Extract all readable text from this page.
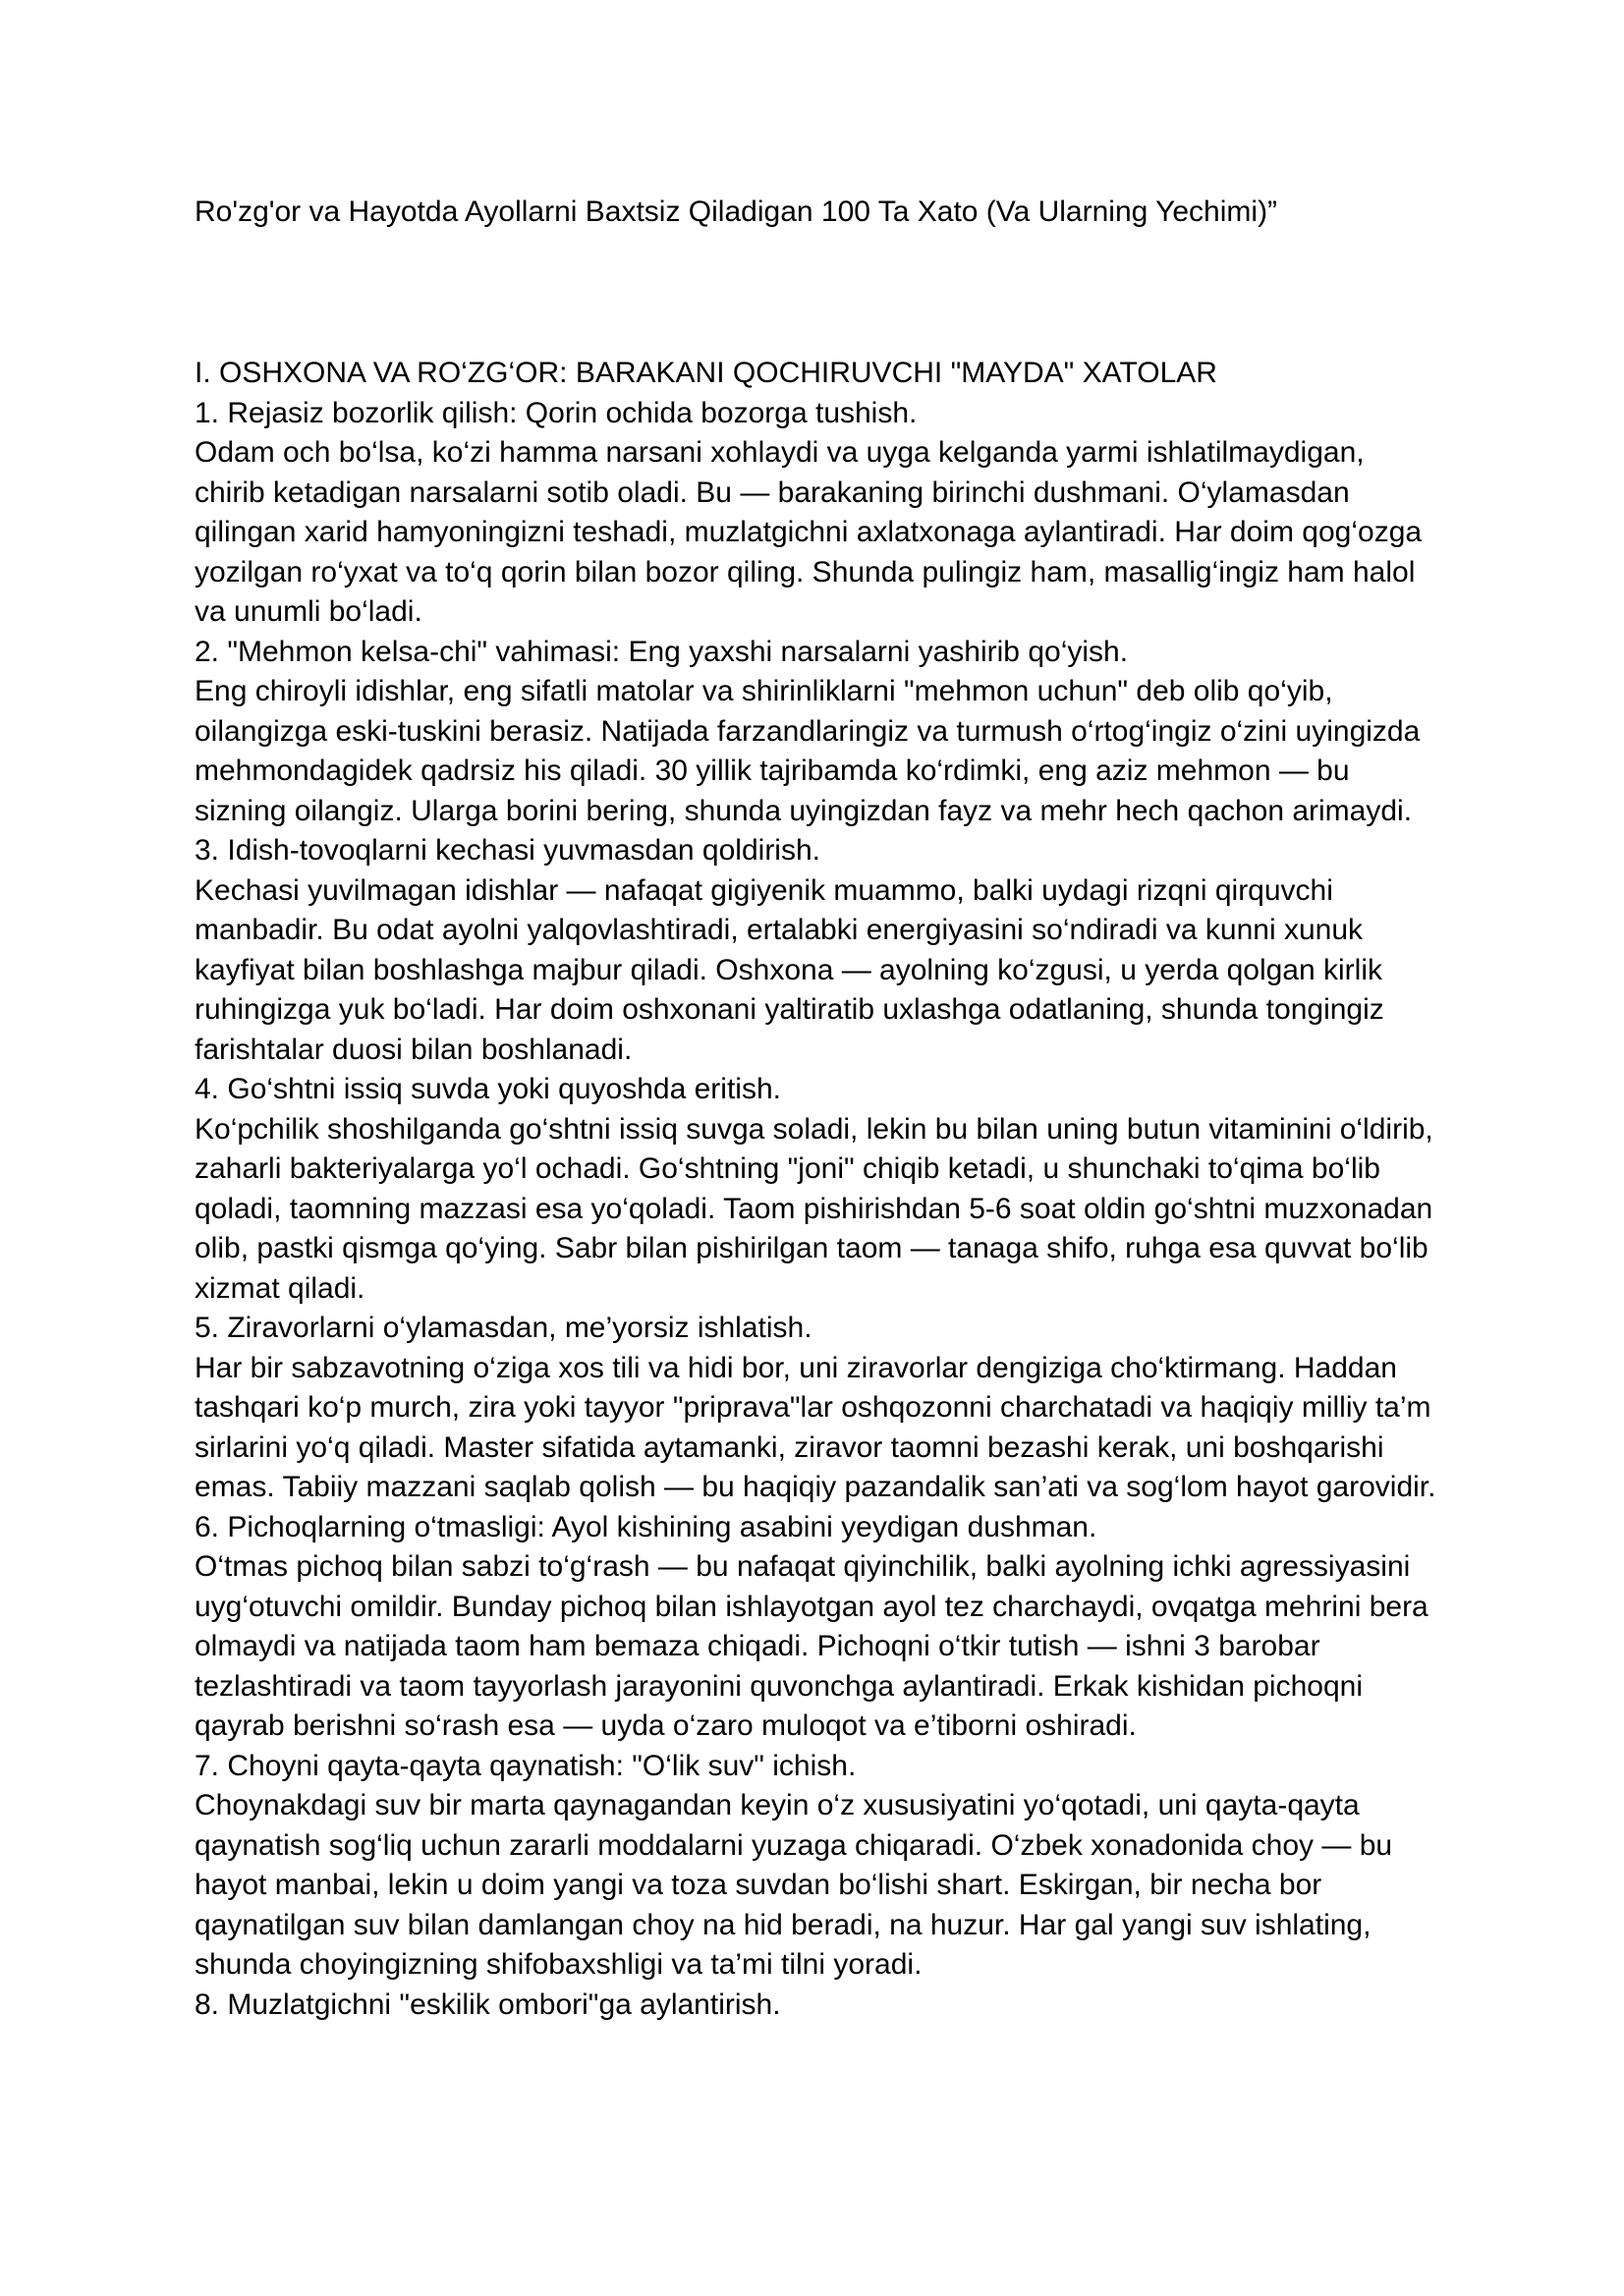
Ro'zg'or va Hayotda Ayollarni Baxtsiz Qiladigan 100 Ta Xato (Va Ularning Yechimi)”

I. OSHXONA VA RO‘ZG‘OR: BARAKANI QOCHIRUVCHI "MAYDA" XATOLAR

1. Rejasiz bozorlik qilish: Qorin ochida bozorga tushish.

Odam och bo‘lsa, ko‘zi hamma narsani xohlaydi va uyga kelganda yarmi ishlatilmaydigan, chirib ketadigan narsalarni sotib oladi. Bu — barakaning birinchi dushmani. O‘ylamasdan qilingan xarid hamyoningizni teshadi, muzlatgichni axlatxonaga aylantiradi. Har doim qog‘ozga yozilgan ro‘yxat va to‘q qorin bilan bozor qiling. Shunda pulingiz ham, masallig‘ingiz ham halol va unumli bo‘ladi.

2. "Mehmon kelsa-chi" vahimasi: Eng yaxshi narsalarni yashirib qo‘yish.

Eng chiroyli idishlar, eng sifatli matolar va shirinliklarni "mehmon uchun" deb olib qo‘yib, oilangizga eski-tuskini berasiz. Natijada farzandlaringiz va turmush o‘rtog‘ingiz o‘zini uyingizda mehmondagidek qadrsiz his qiladi. 30 yillik tajribamda ko‘rdimki, eng aziz mehmon — bu sizning oilangiz. Ularga borini bering, shunda uyingizdan fayz va mehr hech qachon arimaydi.

3. Idish-tovoqlarni kechasi yuvmasdan qoldirish.

Kechasi yuvilmagan idishlar — nafaqat gigiyenik muammo, balki uydagi rizqni qirquvchi manbadir. Bu odat ayolni yalqovlashtiradi, ertalabki energiyasini so‘ndiradi va kunni xunuk kayfiyat bilan boshlashga majbur qiladi. Oshxona — ayolning ko‘zgusi, u yerda qolgan kirlik ruhingizga yuk bo‘ladi. Har doim oshxonani yaltiratib uxlashga odatlaning, shunda tongingiz farishtalar duosi bilan boshlanadi.

4. Go‘shtni issiq suvda yoki quyoshda eritish.

Ko‘pchilik shoshilganda go‘shtni issiq suvga soladi, lekin bu bilan uning butun vitaminini o‘ldirib, zaharli bakteriyalarga yo‘l ochadi. Go‘shtning "joni" chiqib ketadi, u shunchaki to‘qima bo‘lib qoladi, taomning mazzasi esa yo‘qoladi. Taom pishirishdan 5-6 soat oldin go‘shtni muzxonadan olib, pastki qismga qo‘ying. Sabr bilan pishirilgan taom — tanaga shifo, ruhga esa quvvat bo‘lib xizmat qiladi.

5. Ziravorlarni o‘ylamasdan, me’yorsiz ishlatish.

Har bir sabzavotning o‘ziga xos tili va hidi bor, uni ziravorlar dengiziga cho‘ktirmang. Haddan tashqari ko‘p murch, zira yoki tayyor "priprava"lar oshqozonni charchatadi va haqiqiy milliy ta’m sirlarini yo‘q qiladi. Master sifatida aytamanki, ziravor taomni bezashi kerak, uni boshqarishi emas. Tabiiy mazzani saqlab qolish — bu haqiqiy pazandalik san’ati va sog‘lom hayot garovidir.

6. Pichoqlarning o‘tmasligi: Ayol kishining asabini yeydigan dushman.

O‘tmas pichoq bilan sabzi to‘g‘rash — bu nafaqat qiyinchilik, balki ayolning ichki agressiyasini uyg‘otuvchi omildir. Bunday pichoq bilan ishlayotgan ayol tez charchaydi, ovqatga mehrini bera olmaydi va natijada taom ham bemaza chiqadi. Pichoqni o‘tkir tutish — ishni 3 barobar tezlashtiradi va taom tayyorlash jarayonini quvonchga aylantiradi. Erkak kishidan pichoqni qayrab berishni so‘rash esa — uyda o‘zaro muloqot va e’tiborni oshiradi.

7. Choyni qayta-qayta qaynatish: "O‘lik suv" ichish.

Choynakdagi suv bir marta qaynagandan keyin o‘z xususiyatini yo‘qotadi, uni qayta-qayta qaynatish sog‘liq uchun zararli moddalarni yuzaga chiqaradi. O‘zbek xonadonida choy — bu hayot manbai, lekin u doim yangi va toza suvdan bo‘lishi shart. Eskirgan, bir necha bor qaynatilgan suv bilan damlangan choy na hid beradi, na huzur. Har gal yangi suv ishlating, shunda choyingizning shifobaxshligi va ta’mi tilni yoradi.

8. Muzlatgichni "eskilik ombori"ga aylantirish.
